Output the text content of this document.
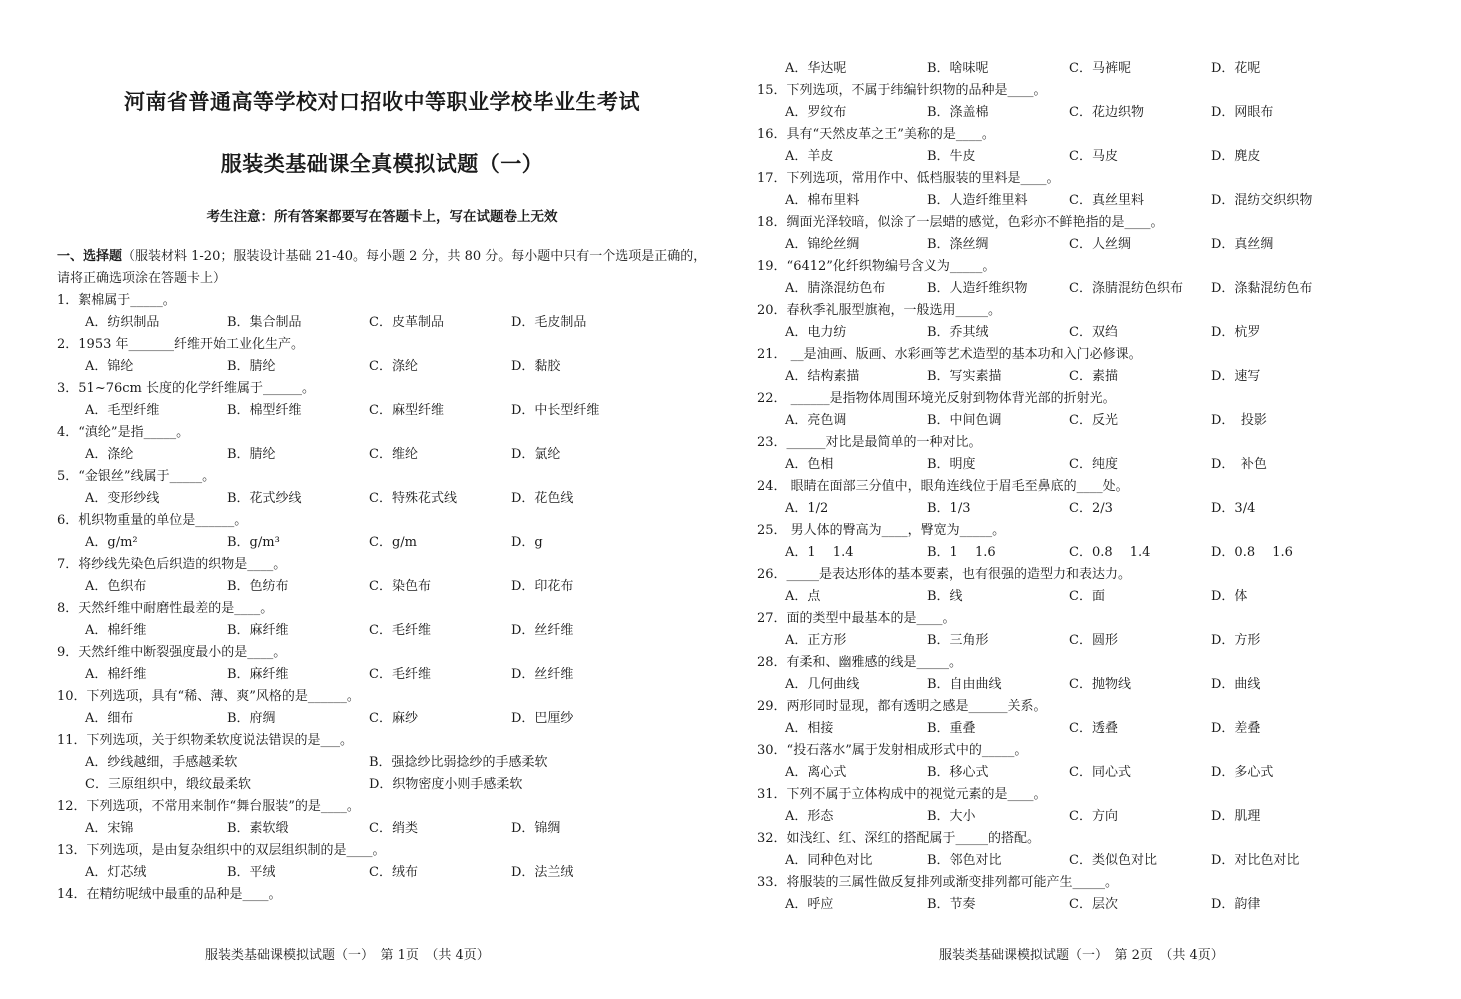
河南省普通高等学校对口招收中等职业学校毕业生考试
服装类基础课全真模拟试题（一）
考生注意：所有答案都要写在答题卡上，写在试题卷上无效
一、选择题（服装材料 1-20；服装设计基础 21-40。每小题 2 分，共 80 分。每小题中只有一个选项是正确的，请将正确选项涂在答题卡上）
1．絮棉属于_____。
A．纺织制品	B．集合制品	C．皮革制品	D．毛皮制品
2．1953 年_______纤维开始工业化生产。
A．锦纶	B．腈纶	C．涤纶	D．黏胶
3．51~76cm 长度的化学纤维属于______。
A．毛型纤维	B．棉型纤维	C．麻型纤维	D．中长型纤维
4．“滇纶”是指_____。
A．涤纶	B．腈纶	C．维纶	D．氯纶
5．“金银丝”线属于_____。
A．变形纱线	B．花式纱线	C．特殊花式线	D．花色线
6．机织物重量的单位是______。
A．g/m²	B．g/m³	C．g/m	D．g
7．将纱线先染色后织造的织物是____。
A．色织布	B．色纺布	C．染色布	D．印花布
8．天然纤维中耐磨性最差的是____。
A．棉纤维	B．麻纤维	C．毛纤维	D．丝纤维
9．天然纤维中断裂强度最小的是____。
A．棉纤维	B．麻纤维	C．毛纤维	D．丝纤维
10．下列选项，具有“稀、薄、爽”风格的是______。
A．细布	B．府绸	C．麻纱	D．巴厘纱
11．下列选项，关于织物柔软度说法错误的是___。
A．纱线越细，手感越柔软	B．强捻纱比弱捻纱的手感柔软
C．三原组织中，缎纹最柔软	D．织物密度小则手感柔软
12．下列选项，不常用来制作“舞台服装”的是____。
A．宋锦	B．素软缎	C．绡类	D．锦绸
13．下列选项，是由复杂组织中的双层组织制的是____。
A．灯芯绒	B．平绒	C．绒布	D．法兰绒
14．在精纺呢绒中最重的品种是____。
服装类基础课模拟试题（一）　第 1页　（共 4页）
A．华达呢	B．啥味呢	C．马裤呢	D．花呢
15．下列选项，不属于纬编针织物的品种是____。
A．罗纹布	B．涤盖棉	C．花边织物	D．网眼布
16．具有“天然皮革之王”美称的是____。
A．羊皮	B．牛皮	C．马皮	D．麂皮
17．下列选项，常用作中、低档服装的里料是____。
A．棉布里料	B．人造纤维里料	C．真丝里料	D．混纺交织织物
18．绸面光泽较暗，似涂了一层蜡的感觉，色彩亦不鲜艳指的是____。
A．锦纶丝绸	B．涤丝绸	C．人丝绸	D．真丝绸
19．“6412”化纤织物编号含义为_____。
A．腈涤混纺色布	B．人造纤维织物	C．涤腈混纺色织布 D．涤黏混纺色布
20．春秋季礼服型旗袍，一般选用_____。
A．电力纺	B．乔其绒	C．双绉	D．杭罗
21． __是油画、版画、水彩画等艺术造型的基本功和入门必修课。
A．结构素描	B．写实素描	C．素描	D．速写
22． ______是指物体周围环境光反射到物体背光部的折射光。
A．亮色调	B．中间色调	C．反光	D．　投影
23．______对比是最简单的一种对比。
A．色相	B．明度	C．纯度	D．　补色
24． 眼睛在面部三分值中，眼角连线位于眉毛至鼻底的____处。
A．1/2	B．1/3	C．2/3	D．3/4
25． 男人体的臀高为____，臀宽为_____。
A．1　 1.4	B．1　 1.6	C．0.8　 1.4	D．0.8　 1.6
26．_____是表达形体的基本要素，也有很强的造型力和表达力。
A．点	B．线	C．面	D．体
27．面的类型中最基本的是____。
A．正方形	B．三角形	C．圆形	D．方形
28．有柔和、幽雅感的线是_____。
A．几何曲线	B．自由曲线	C．抛物线	D．曲线
29．两形同时显现，都有透明之感是______关系。
A．相接	B．重叠	C．透叠	D．差叠
30．“投石落水”属于发射相成形式中的_____。
A．离心式	B．移心式	C．同心式	D．多心式
31．下列不属于立体构成中的视觉元素的是____。
A．形态	B．大小	C．方向	D．肌理
32．如浅红、红、深红的搭配属于_____的搭配。
A．同种色对比	B．邻色对比	C．类似色对比	D．对比色对比
33．将服装的三属性做反复排列或渐变排列都可能产生_____。
A．呼应	B．节奏	C．层次	D．韵律
服装类基础课模拟试题（一）　第 2页　（共 4页）
